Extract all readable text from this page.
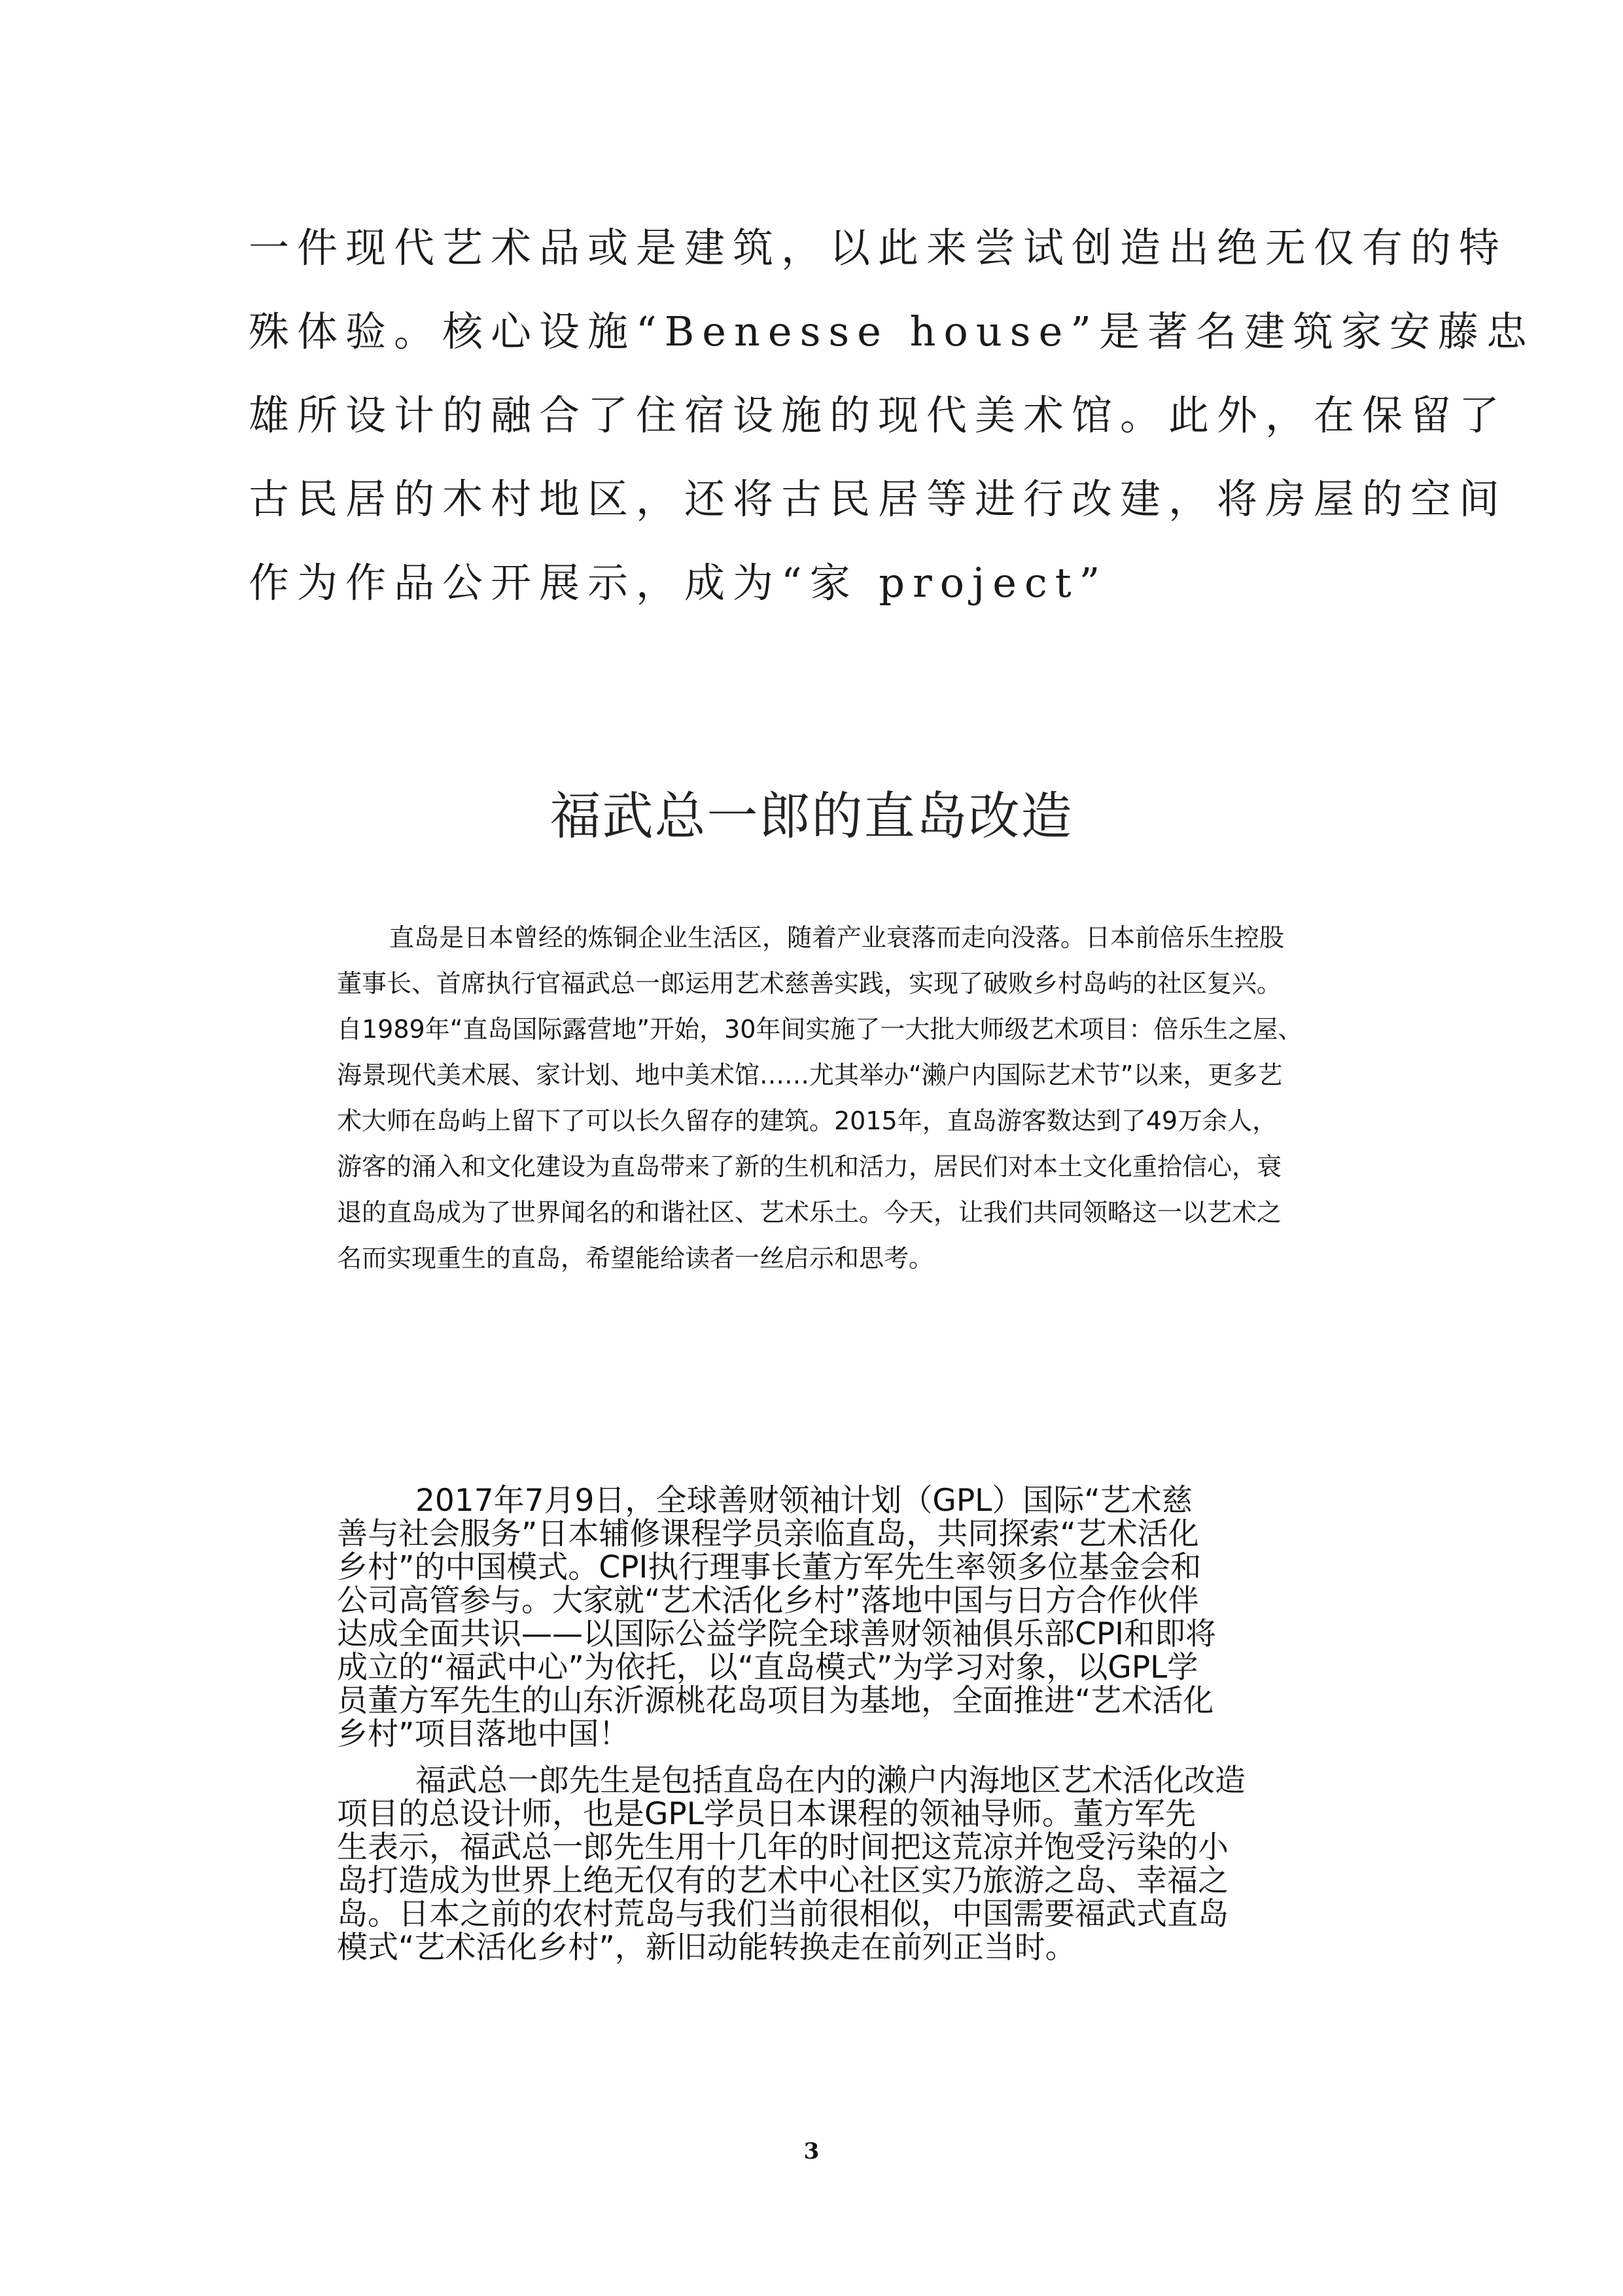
一件现代艺术品或是建筑，以此来尝试创造出绝无仅有的特
殊体验。核心设施“Benesse house”是著名建筑家安藤忠
雄所设计的融合了住宿设施的现代美术馆。此外，在保留了
古民居的木村地区，还将古民居等进行改建，将房屋的空间
作为作品公开展示，成为“家 project”
福武总一郎的直岛改造
直岛是日本曾经的炼铜企业生活区，随着产业衰落而走向没落。日本前倍乐生控股
董事长、首席执行官福武总一郎运用艺术慈善实践，实现了破败乡村岛屿的社区复兴。
自1989年“直岛国际露营地”开始，30年间实施了一大批大师级艺术项目：倍乐生之屋、
海景现代美术展、家计划、地中美术馆……尤其举办“濑户内国际艺术节”以来，更多艺
术大师在岛屿上留下了可以长久留存的建筑。2015年，直岛游客数达到了49万余人，
游客的涌入和文化建设为直岛带来了新的生机和活力，居民们对本土文化重拾信心，衰
退的直岛成为了世界闻名的和谐社区、艺术乐土。今天，让我们共同领略这一以艺术之
名而实现重生的直岛，希望能给读者一丝启示和思考。
2017年7月9日，全球善财领袖计划（GPL）国际“艺术慈
善与社会服务”日本辅修课程学员亲临直岛，共同探索“艺术活化
乡村”的中国模式。CPI执行理事长董方军先生率领多位基金会和
公司高管参与。大家就“艺术活化乡村”落地中国与日方合作伙伴
达成全面共识——以国际公益学院全球善财领袖俱乐部CPI和即将
成立的“福武中心”为依托，以“直岛模式”为学习对象，以GPL学
员董方军先生的山东沂源桃花岛项目为基地，全面推进“艺术活化
乡村”项目落地中国！
福武总一郎先生是包括直岛在内的濑户内海地区艺术活化改造
项目的总设计师，也是GPL学员日本课程的领袖导师。董方军先
生表示，福武总一郎先生用十几年的时间把这荒凉并饱受污染的小
岛打造成为世界上绝无仅有的艺术中心社区实乃旅游之岛、幸福之
岛。日本之前的农村荒岛与我们当前很相似，中国需要福武式直岛
模式“艺术活化乡村”，新旧动能转换走在前列正当时。
3
